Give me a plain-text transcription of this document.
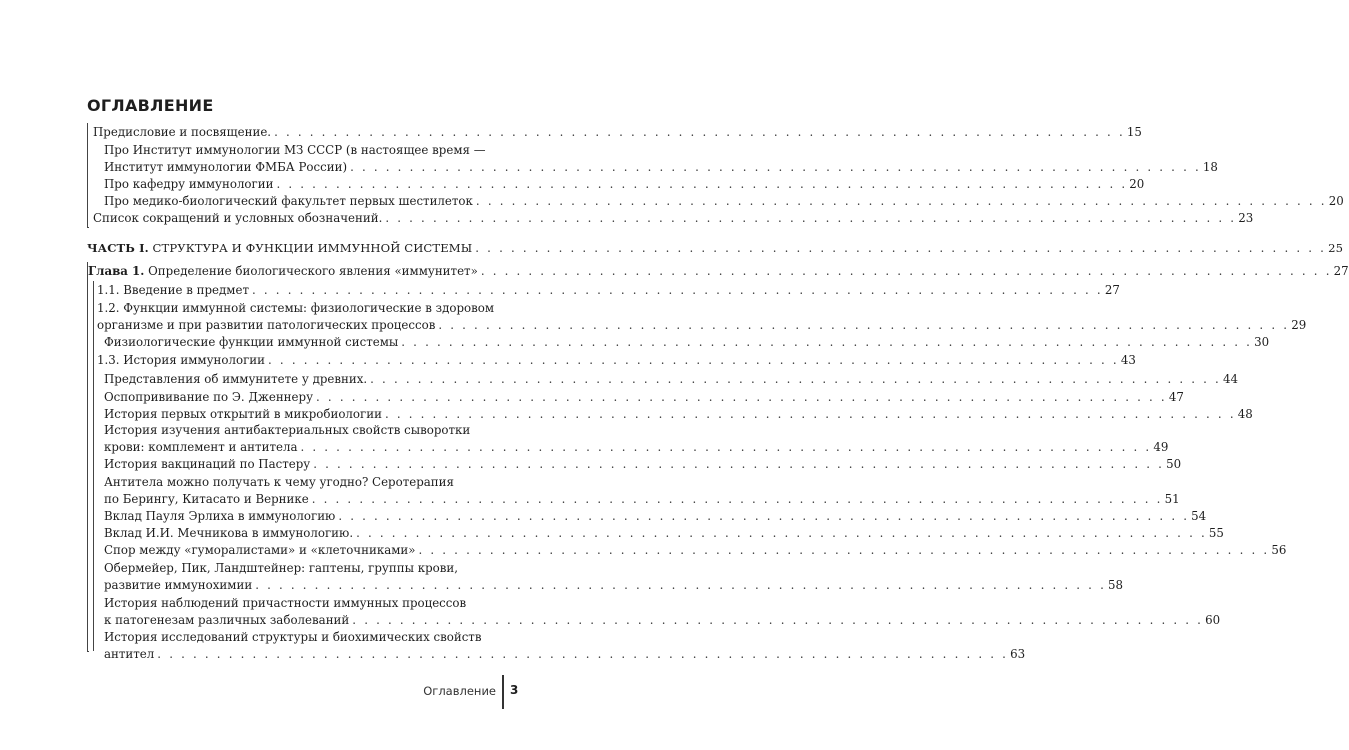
ОГЛАВЛЕНИЕ
Предисловие и посвящение. . . . . . . . . . . . . . . . . . . . . . . . . . . . . . . . . . . . . . . . . . . . . . . . . . . . . . . . . . . . . . . . . . . . . . . . . 15
Про Институт иммунологии МЗ СССР (в настоящее время —
Институт иммунологии ФМБА России) . . . . . . . . . . . . . . . . . . . . . . . . . . . . . . . . . . . . . . . . . . . . . . . . . . . . . . . . . . . . . . . . . . . . . . . . 18
Про кафедру иммунологии . . . . . . . . . . . . . . . . . . . . . . . . . . . . . . . . . . . . . . . . . . . . . . . . . . . . . . . . . . . . . . . . . . . . . . . . 20
Про медико-биологический факультет первых шестилеток . . . . . . . . . . . . . . . . . . . . . . . . . . . . . . . . . . . . . . . . . . . . . . . . . . . . . . . . . . . . . . . . . . . . . . . . 20
Список сокращений и условных обозначений. . . . . . . . . . . . . . . . . . . . . . . . . . . . . . . . . . . . . . . . . . . . . . . . . . . . . . . . . . . . . . . . . . . . . . . . . 23
ЧАСТЬ I. СТРУКТУРА И ФУНКЦИИ ИММУННОЙ СИСТЕМЫ . . . . . . . . . . . . . . . . . . . . . . . . . . . . . . . . . . . . . . . . . . . . . . . . . . . . . . . . . . . . . . . . . . . . . . . . 25
Глава 1. Определение биологического явления «иммунитет» . . . . . . . . . . . . . . . . . . . . . . . . . . . . . . . . . . . . . . . . . . . . . . . . . . . . . . . . . . . . . . . . . . . . . . . . 27
1.1. Введение в предмет . . . . . . . . . . . . . . . . . . . . . . . . . . . . . . . . . . . . . . . . . . . . . . . . . . . . . . . . . . . . . . . . . . . . . . . . 27
1.2. Функции иммунной системы: физиологические в здоровом
организме и при развитии патологических процессов . . . . . . . . . . . . . . . . . . . . . . . . . . . . . . . . . . . . . . . . . . . . . . . . . . . . . . . . . . . . . . . . . . . . . . . . 29
Физиологические функции иммунной системы . . . . . . . . . . . . . . . . . . . . . . . . . . . . . . . . . . . . . . . . . . . . . . . . . . . . . . . . . . . . . . . . . . . . . . . . 30
1.3. История иммунологии . . . . . . . . . . . . . . . . . . . . . . . . . . . . . . . . . . . . . . . . . . . . . . . . . . . . . . . . . . . . . . . . . . . . . . . . 43
Представления об иммунитете у древних. . . . . . . . . . . . . . . . . . . . . . . . . . . . . . . . . . . . . . . . . . . . . . . . . . . . . . . . . . . . . . . . . . . . . . . . . 44
Оспопрививание по Э. Дженнеру . . . . . . . . . . . . . . . . . . . . . . . . . . . . . . . . . . . . . . . . . . . . . . . . . . . . . . . . . . . . . . . . . . . . . . . . 47
История первых открытий в микробиологии . . . . . . . . . . . . . . . . . . . . . . . . . . . . . . . . . . . . . . . . . . . . . . . . . . . . . . . . . . . . . . . . . . . . . . . . 48
История изучения антибактериальных свойств сыворотки
крови: комплемент и антитела . . . . . . . . . . . . . . . . . . . . . . . . . . . . . . . . . . . . . . . . . . . . . . . . . . . . . . . . . . . . . . . . . . . . . . . . 49
История вакцинаций по Пастеру . . . . . . . . . . . . . . . . . . . . . . . . . . . . . . . . . . . . . . . . . . . . . . . . . . . . . . . . . . . . . . . . . . . . . . . . 50
Антитела можно получать к чему угодно? Серотерапия
по Берингу, Китасато и Вернике . . . . . . . . . . . . . . . . . . . . . . . . . . . . . . . . . . . . . . . . . . . . . . . . . . . . . . . . . . . . . . . . . . . . . . . . 51
Вклад Пауля Эрлиха в иммунологию . . . . . . . . . . . . . . . . . . . . . . . . . . . . . . . . . . . . . . . . . . . . . . . . . . . . . . . . . . . . . . . . . . . . . . . . 54
Вклад И.И. Мечникова в иммунологию. . . . . . . . . . . . . . . . . . . . . . . . . . . . . . . . . . . . . . . . . . . . . . . . . . . . . . . . . . . . . . . . . . . . . . . . . 55
Спор между «гуморалистами» и «клеточниками» . . . . . . . . . . . . . . . . . . . . . . . . . . . . . . . . . . . . . . . . . . . . . . . . . . . . . . . . . . . . . . . . . . . . . . . . 56
Обермейер, Пик, Ландштейнер: гаптены, группы крови,
развитие иммунохимии . . . . . . . . . . . . . . . . . . . . . . . . . . . . . . . . . . . . . . . . . . . . . . . . . . . . . . . . . . . . . . . . . . . . . . . . 58
История наблюдений причастности иммунных процессов
к патогенезам различных заболеваний . . . . . . . . . . . . . . . . . . . . . . . . . . . . . . . . . . . . . . . . . . . . . . . . . . . . . . . . . . . . . . . . . . . . . . . . 60
История исследований структуры и биохимических свойств
антител . . . . . . . . . . . . . . . . . . . . . . . . . . . . . . . . . . . . . . . . . . . . . . . . . . . . . . . . . . . . . . . . . . . . . . . . 63
Оглавление 3
